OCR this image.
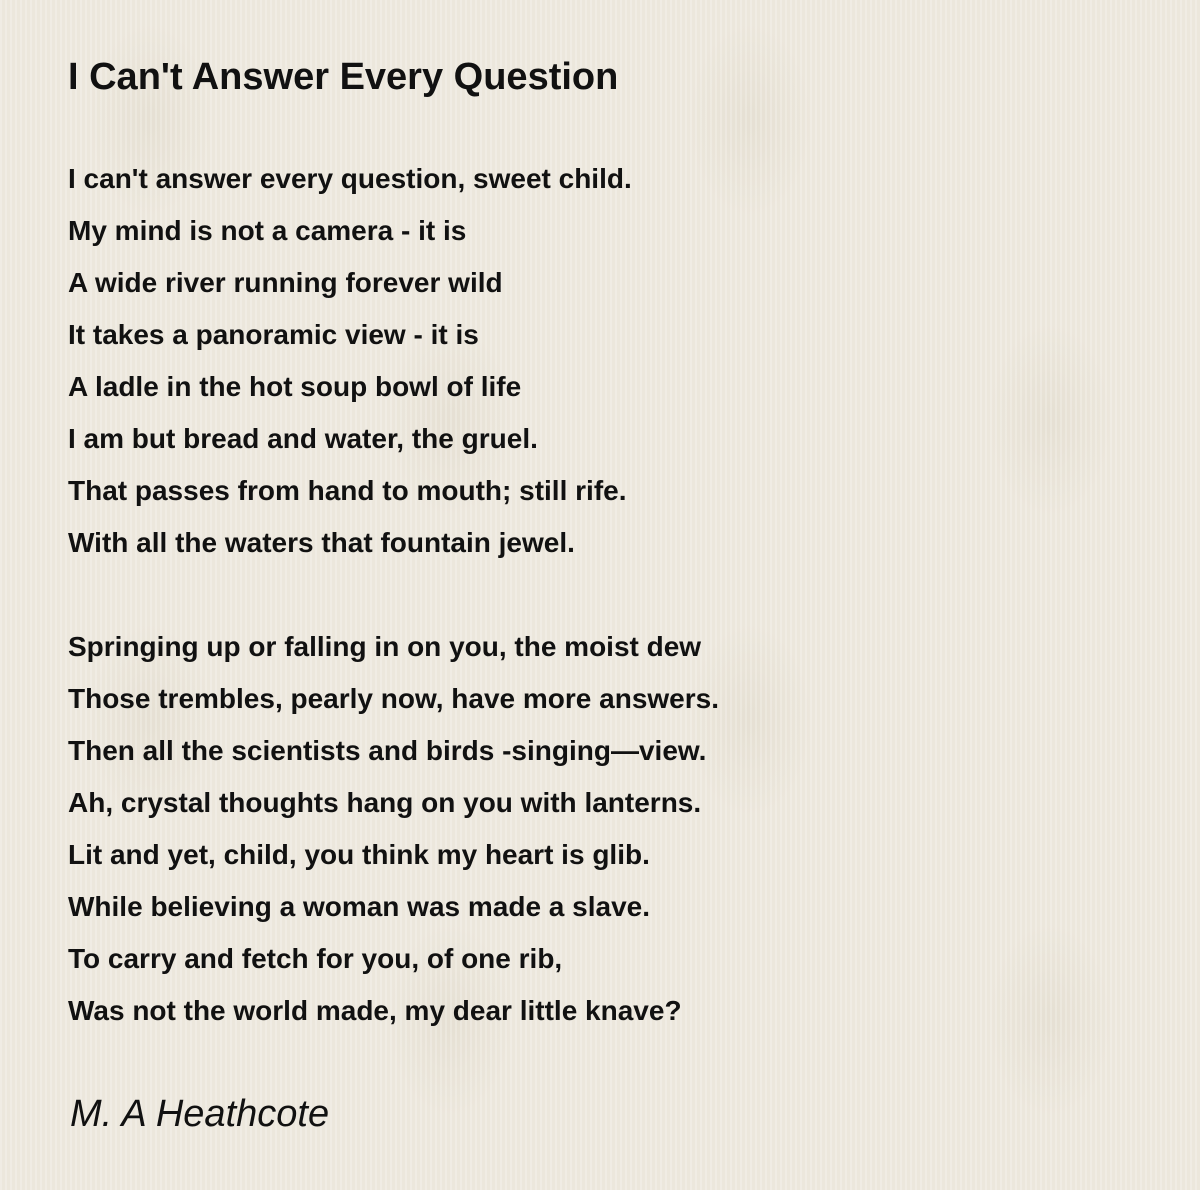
I Can't Answer Every Question
I can't answer every question, sweet child.
My mind is not a camera - it is
A wide river running forever wild
It takes a panoramic view - it is
A ladle in the hot soup bowl of life
I am but bread and water, the gruel.
That passes from hand to mouth; still rife.
With all the waters that fountain jewel.
Springing up or falling in on you, the moist dew
Those trembles, pearly now, have more answers.
Then all the scientists and birds -singing—view.
Ah, crystal thoughts hang on you with lanterns.
Lit and yet, child, you think my heart is glib.
While believing a woman was made a slave.
To carry and fetch for you, of one rib,
Was not the world made, my dear little knave?

M. A Heathcote
